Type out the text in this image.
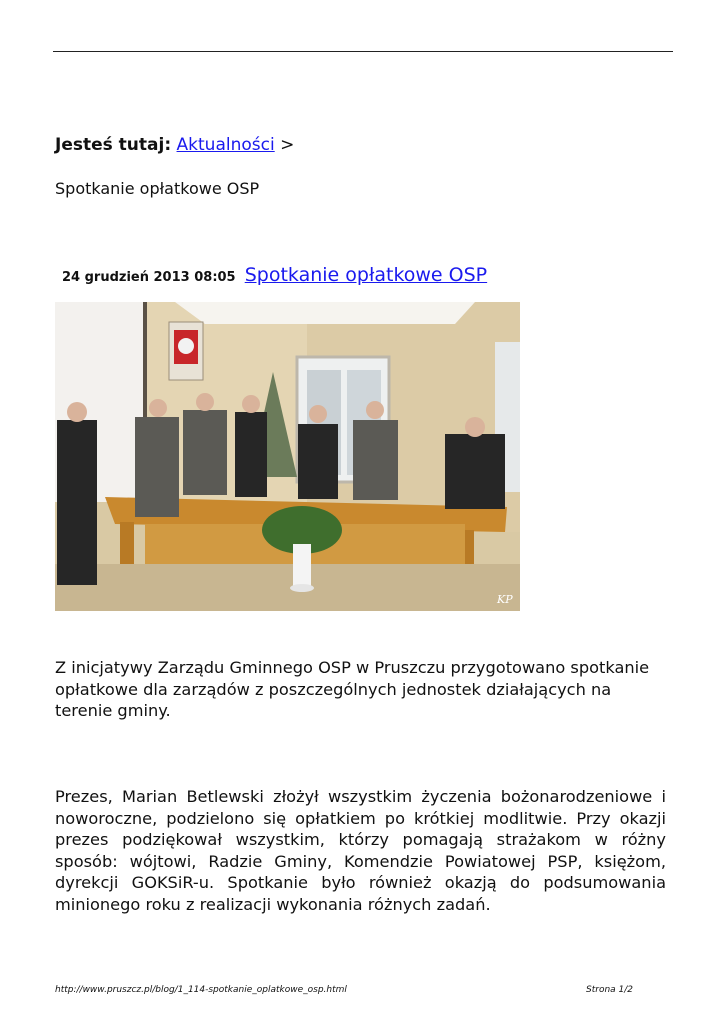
Jesteś tutaj: Aktualności >
Spotkanie opłatkowe OSP
24 grudzień 2013 08:05 Spotkanie opłatkowe OSP
KP

Z inicjatywy Zarządu Gminnego OSP w Pruszczu przygotowano spotkanie opłatkowe dla zarządów z poszczególnych jednostek działających na terenie gminy.

Prezes, Marian Betlewski złożył wszystkim życzenia bożonarodzeniowe i noworoczne, podzielono się opłatkiem po krótkiej modlitwie. Przy okazji prezes podziękował wszystkim, którzy pomagają strażakom w różny sposób: wójtowi, Radzie Gminy, Komendzie Powiatowej PSP, księżom, dyrekcji GOKSiR-u. Spotkanie było również okazją do podsumowania minionego roku z realizacji wykonania różnych zadań.

http://www.pruszcz.pl/blog/1_114-spotkanie_oplatkowe_osp.html	Strona 1/2
